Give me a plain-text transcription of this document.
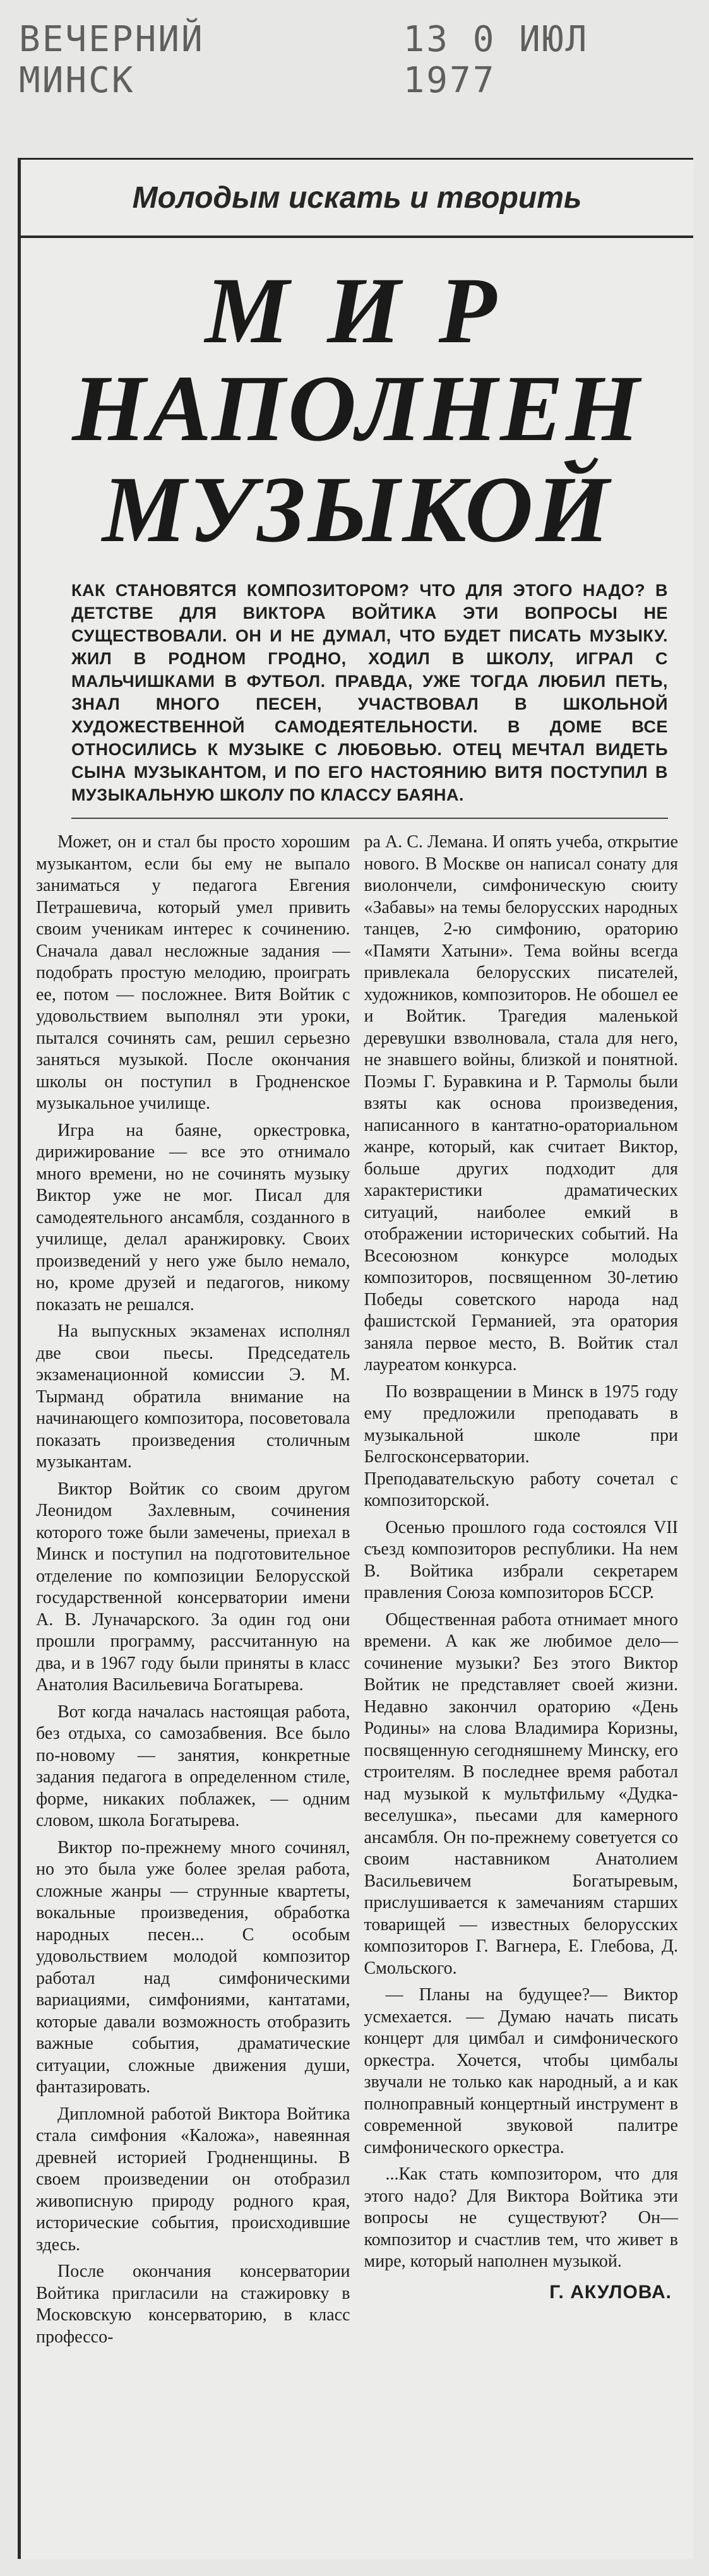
ВЕЧЕРНИЙ МИНСК
13 0 ИЮЛ 1977
Молодым искать и творить
МИР
НАПОЛНЕН
МУЗЫКОЙ
КАК СТАНОВЯТСЯ КОМПОЗИТОРОМ? ЧТО ДЛЯ ЭТОГО НАДО? В ДЕТСТВЕ ДЛЯ ВИКТОРА ВОЙТИКА ЭТИ ВОПРОСЫ НЕ СУЩЕСТВОВАЛИ. ОН И НЕ ДУМАЛ, ЧТО БУДЕТ ПИСАТЬ МУЗЫКУ. ЖИЛ В РОДНОМ ГРОДНО, ХОДИЛ В ШКОЛУ, ИГРАЛ С МАЛЬЧИШКАМИ В ФУТБОЛ. ПРАВДА, УЖЕ ТОГДА ЛЮБИЛ ПЕТЬ, ЗНАЛ МНОГО ПЕСЕН, УЧАСТВОВАЛ В ШКОЛЬНОЙ ХУДОЖЕСТВЕННОЙ САМОДЕЯТЕЛЬНОСТИ. В ДОМЕ ВСЕ ОТНОСИЛИСЬ К МУЗЫКЕ С ЛЮБОВЬЮ. ОТЕЦ МЕЧТАЛ ВИДЕТЬ СЫНА МУЗЫКАНТОМ, И ПО ЕГО НАСТОЯНИЮ ВИТЯ ПОСТУПИЛ В МУЗЫКАЛЬНУЮ ШКОЛУ ПО КЛАССУ БАЯНА.

Может, он и стал бы просто хорошим музыкантом, если бы ему не выпало заниматься у педагога Евгения Петрашевича, который умел привить своим ученикам интерес к сочинению. Сначала давал несложные задания — подобрать простую мелодию, проиграть ее, потом — посложнее. Витя Войтик с удовольствием выполнял эти уроки, пытался сочинять сам, решил серьезно заняться музыкой. После окончания школы он поступил в Гродненское музыкальное училище.

Игра на баяне, оркестровка, дирижирование — все это отнимало много времени, но не сочинять музыку Виктор уже не мог. Писал для самодеятельного ансамбля, созданного в училище, делал аранжировку. Своих произведений у него уже было немало, но, кроме друзей и педагогов, никому показать не решался.

На выпускных экзаменах исполнял две свои пьесы. Председатель экзаменационной комиссии Э. М. Тырманд обратила внимание на начинающего композитора, посоветовала показать произведения столичным музыкантам.

Виктор Войтик со своим другом Леонидом Захлевным, сочинения которого тоже были замечены, приехал в Минск и поступил на подготовительное отделение по композиции Белорусской государственной консерватории имени А. В. Луначарского. За один год они прошли программу, рассчитанную на два, и в 1967 году были приняты в класс Анатолия Васильевича Богатырева.

Вот когда началась настоящая работа, без отдыха, со самозабвения. Все было по-новому — занятия, конкретные задания педагога в определенном стиле, форме, никаких поблажек, — одним словом, школа Богатырева.

Виктор по-прежнему много сочинял, но это была уже более зрелая работа, сложные жанры — струнные квартеты, вокальные произведения, обработка народных песен... С особым удовольствием молодой композитор работал над симфоническими вариациями, симфониями, кантатами, которые давали возможность отобразить важные события, драматические ситуации, сложные движения души, фантазировать.

Дипломной работой Виктора Войтика стала симфония «Каложа», навеянная древней историей Гродненщины. В своем произведении он отобразил живописную природу родного края, исторические события, происходившие здесь.

После окончания консерватории Войтика пригласили на стажировку в Московскую консерваторию, в класс профессо-

ра А. С. Лемана. И опять учеба, открытие нового. В Москве он написал сонату для виолончели, симфоническую сюиту «Забавы» на темы белорусских народных танцев, 2-ю симфонию, ораторию «Памяти Хатыни». Тема войны всегда привлекала белорусских писателей, художников, композиторов. Не обошел ее и Войтик. Трагедия маленькой деревушки взволновала, стала для него, не знавшего войны, близкой и понятной. Поэмы Г. Буравкина и Р. Тармолы были взяты как основа произведения, написанного в кантатно-ораториальном жанре, который, как считает Виктор, больше других подходит для характеристики драматических ситуаций, наиболее емкий в отображении исторических событий. На Всесоюзном конкурсе молодых композиторов, посвященном 30-летию Победы советского народа над фашистской Германией, эта оратория заняла первое место, В. Войтик стал лауреатом конкурса.

По возвращении в Минск в 1975 году ему предложили преподавать в музыкальной школе при Белгосконсерватории. Преподавательскую работу сочетал с композиторской.

Осенью прошлого года состоялся VII съезд композиторов республики. На нем В. Войтика избрали секретарем правления Союза композиторов БССР.

Общественная работа отнимает много времени. А как же любимое дело—сочинение музыки? Без этого Виктор Войтик не представляет своей жизни. Недавно закончил ораторию «День Родины» на слова Владимира Коризны, посвященную сегодняшнему Минску, его строителям. В последнее время работал над музыкой к мультфильму «Дудка-веселушка», пьесами для камерного ансамбля. Он по-прежнему советуется со своим наставником Анатолием Васильевичем Богатыревым, прислушивается к замечаниям старших товарищей — известных белорусских композиторов Г. Вагнера, Е. Глебова, Д. Смольского.

— Планы на будущее?— Виктор усмехается. — Думаю начать писать концерт для цимбал и симфонического оркестра. Хочется, чтобы цимбалы звучали не только как народный, а и как полноправный концертный инструмент в современной звуковой палитре симфонического оркестра.

...Как стать композитором, что для этого надо? Для Виктора Войтика эти вопросы не существуют? Он—композитор и счастлив тем, что живет в мире, который наполнен музыкой.

Г. АКУЛОВА.
